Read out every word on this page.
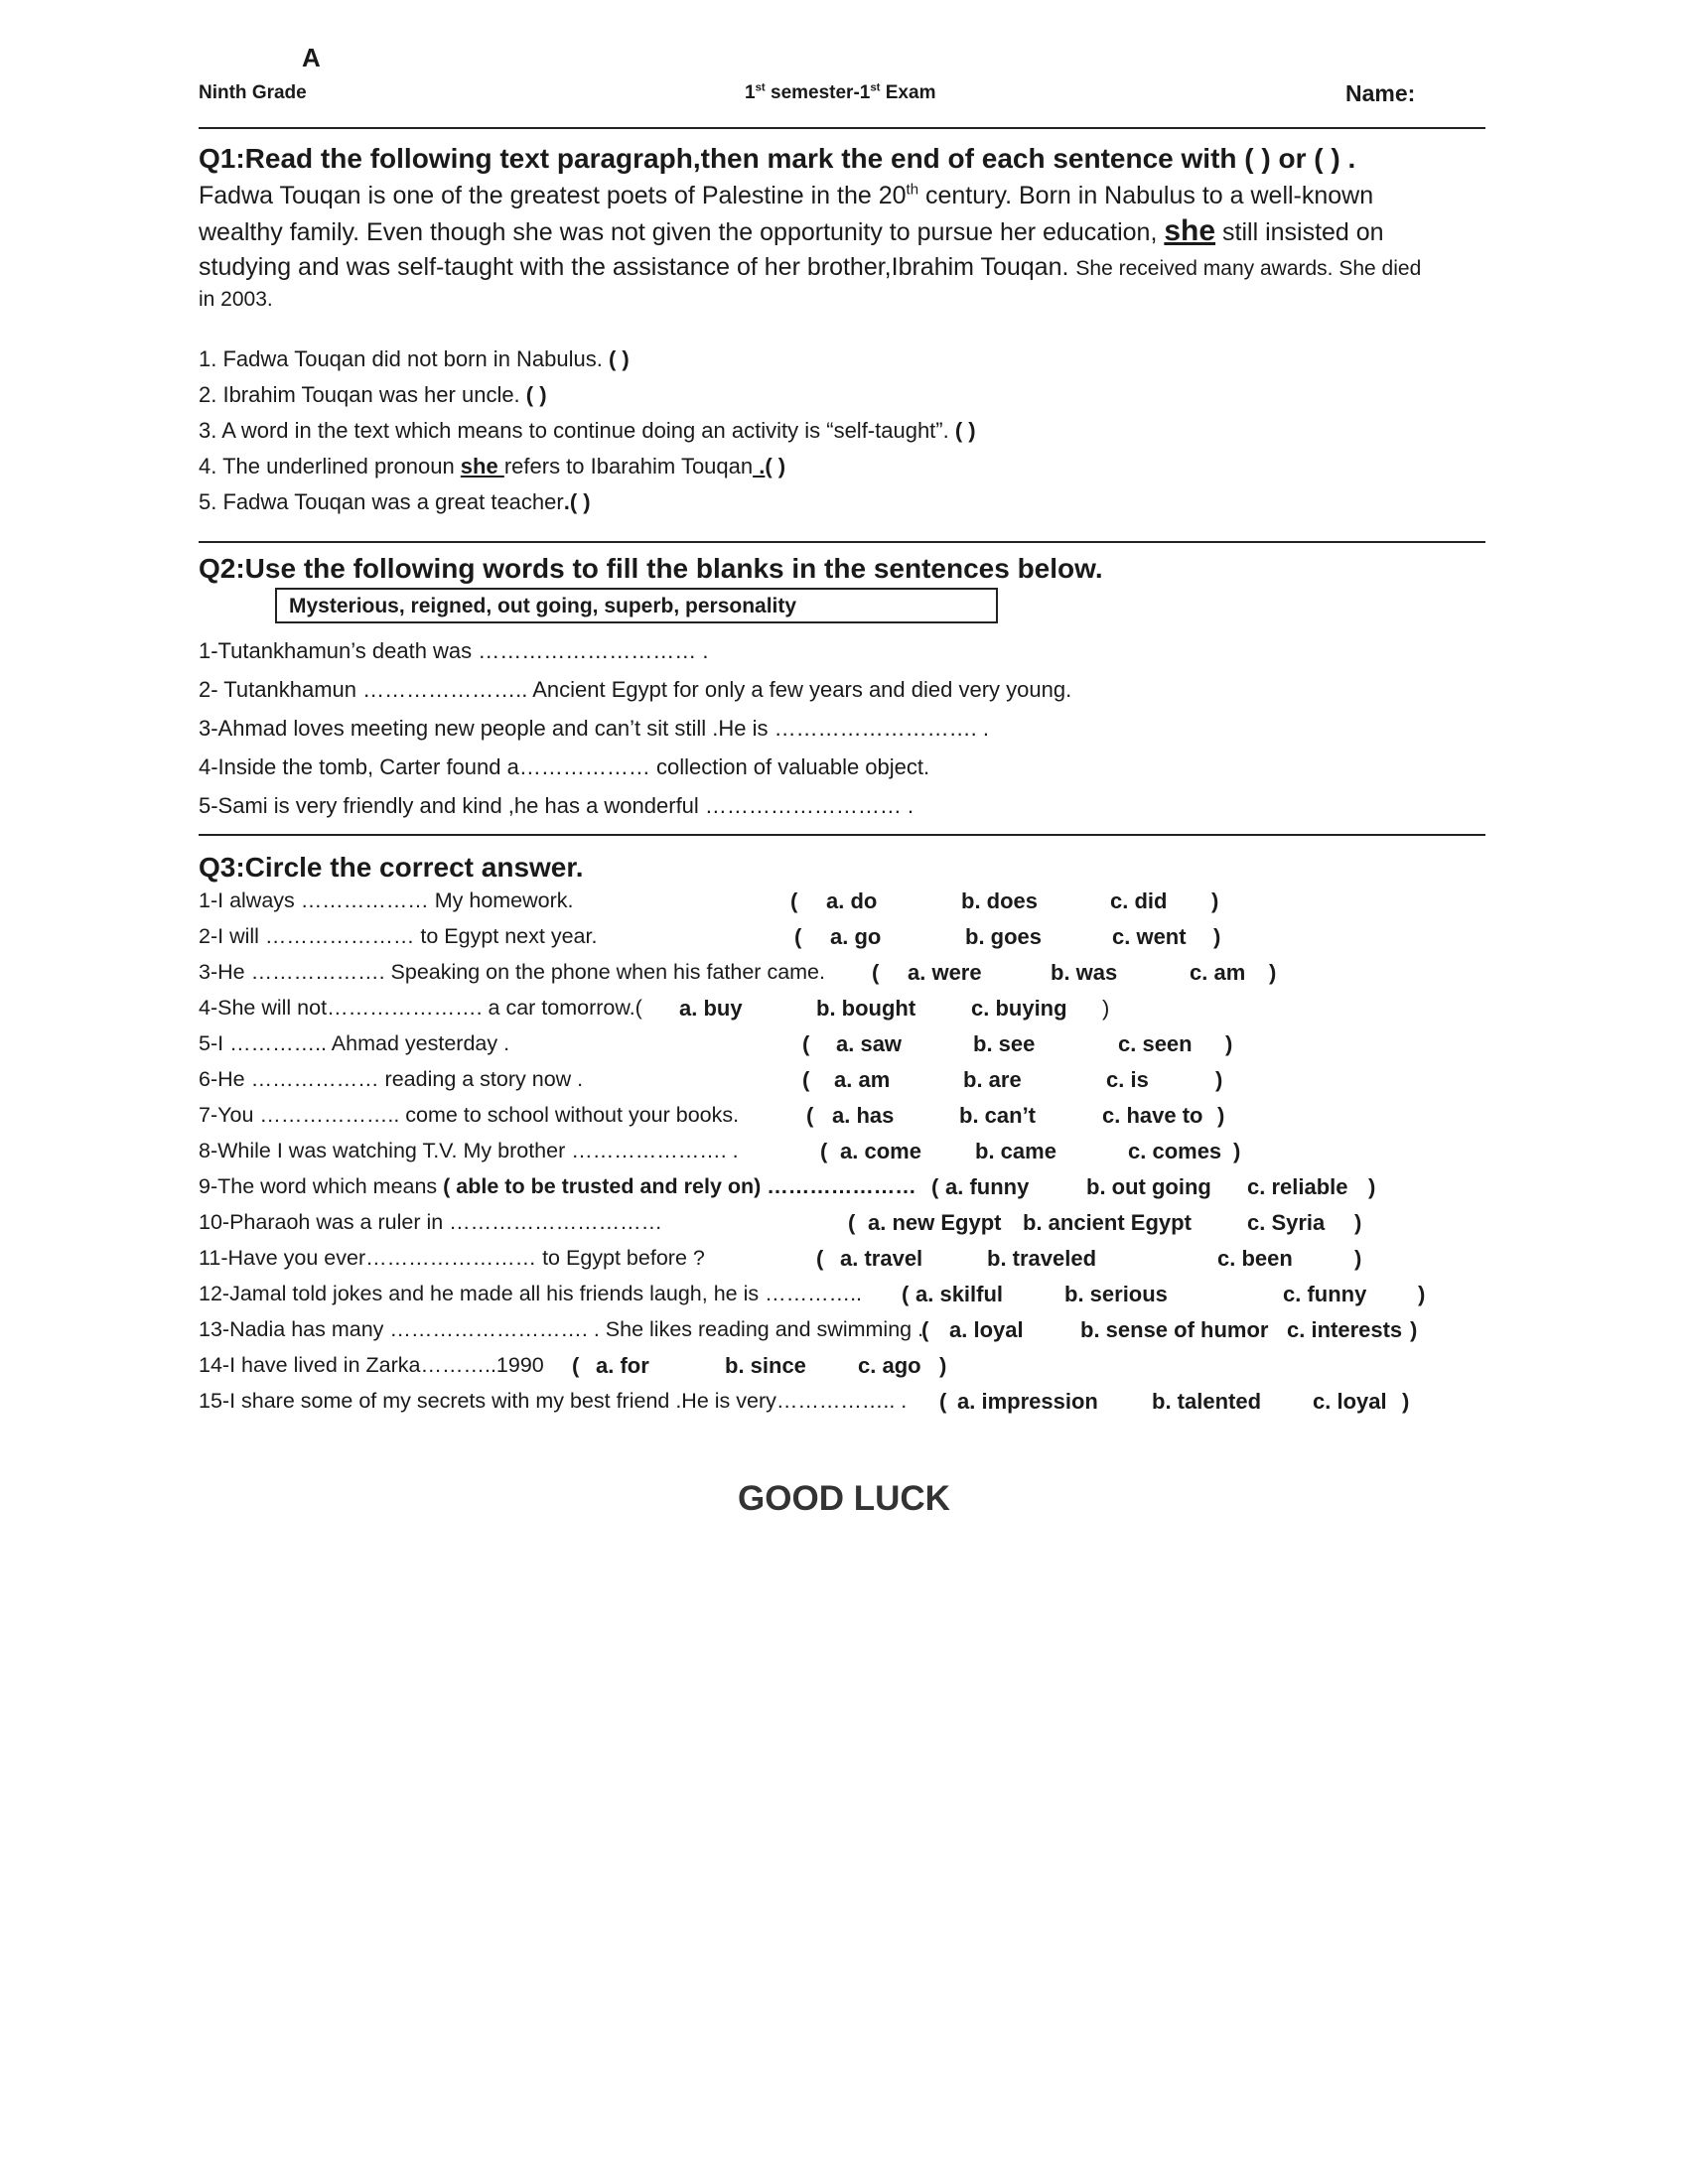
A
Ninth Grade	1st semester-1st Exam	Name:
Q1:Read the following text paragraph,then mark the end of each sentence with ( ) or ( ) .
Fadwa Touqan is one of the greatest poets of Palestine in the 20th century. Born in Nabulus to a well-known
wealthy family. Even though she was not given the opportunity to pursue her education, she still insisted on
studying and was self-taught with the assistance of her brother,Ibrahim Touqan. She received many awards. She died
in 2003.
1. Fadwa Touqan did not born in Nabulus. ( )
2. Ibrahim Touqan was her uncle. ( )
3. A word in the text which means to continue doing an activity is “self-taught”. ( )
4. The underlined pronoun she refers to Ibarahim Touqan .( )
5. Fadwa Touqan was a great teacher.( )
Q2:Use the following words to fill the blanks in the sentences below.
Mysterious, reigned, out going, superb, personality
1-Tutankhamun’s death was ………………………… .
2- Tutankhamun ………………….. Ancient Egypt for only a few years and died very young.
3-Ahmad loves meeting new people and can’t sit still .He is ………………………. .
4-Inside the tomb, Carter found a……………… collection of valuable object.
5-Sami is very friendly and kind ,he has a wonderful ……………………… .
Q3:Circle the correct answer.
1-I always ……………… My homework.	( a. do	b. does	c. did )
2-I will ………………… to Egypt next year.	( a. go	b. goes	c. went )
3-He ………………. Speaking on the phone when his father came. ( a. were	b. was	c. am )
4-She will not…………………. a car tomorrow.( a. buy	b. bought	c. buying )
5-I ………….. Ahmad yesterday .	( a. saw	b. see	c. seen )
6-He ……………… reading a story now .	( a. am	b. are	c. is	)
7-You ……………….. come to school without your books.	( a. has	b. can’t	c. have to )
8-While I was watching T.V. My brother …………………. .	( a. come b. came	c. comes )
9-The word which means ( able to be trusted and rely on) ………………… ( a. funny	b. out going c. reliable )
10-Pharaoh was a ruler in …………………………	( a. new Egypt b. ancient Egypt	c. Syria )
11-Have you ever…………………… to Egypt before ?	( a. travel	b. traveled	c. been	)
12-Jamal told jokes and he made all his friends laugh, he is ………….. ( a. skilful	b. serious	c. funny )
13-Nadia has many ………………………. . She likes reading and swimming .
( a. loyal	b. sense of humor c. interests )
14-I have lived in Zarka………..1990 ( a. for	b. since c. ago )
15-I share some of my secrets with my best friend .He is very…………….. . ( a. impression b. talented c. loyal )
GOOD LUCK
